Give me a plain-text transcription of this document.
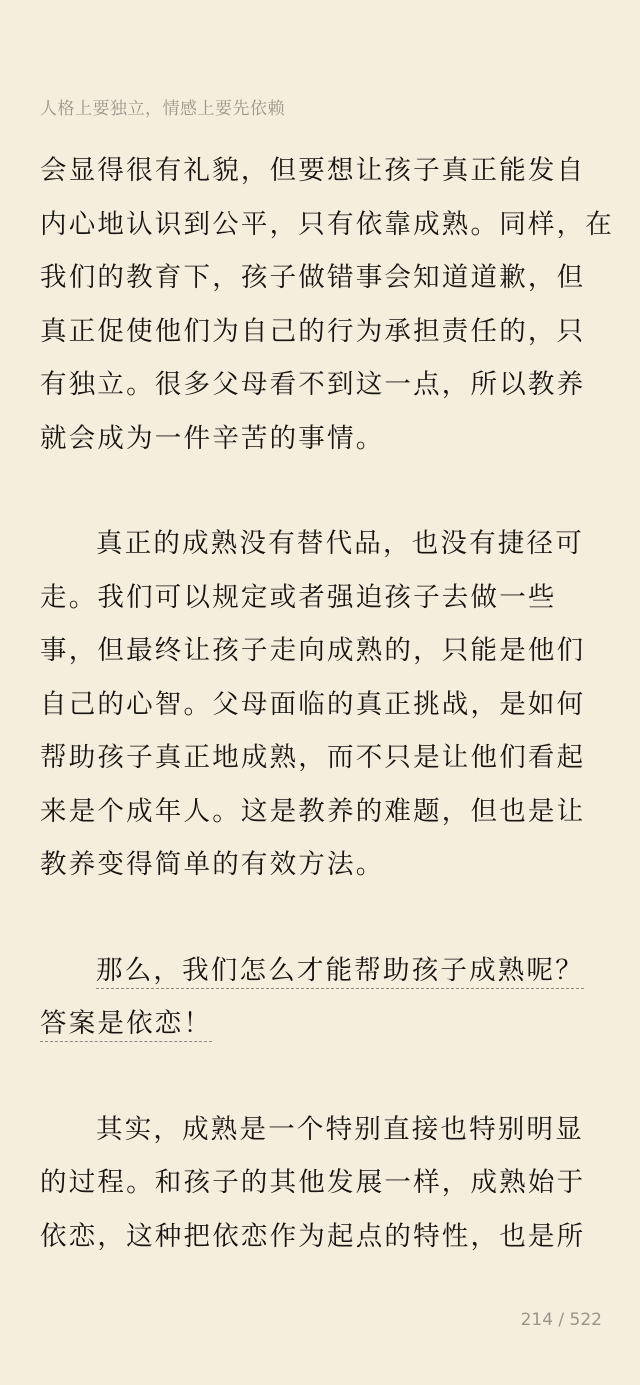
人格上要独立，情感上要先依赖
会显得很有礼貌，但要想让孩子真正能发自
内心地认识到公平，只有依靠成熟。同样，在
我们的教育下，孩子做错事会知道道歉，但
真正促使他们为自己的行为承担责任的，只
有独立。很多父母看不到这一点，所以教养
就会成为一件辛苦的事情。
真正的成熟没有替代品，也没有捷径可
走。我们可以规定或者强迫孩子去做一些
事，但最终让孩子走向成熟的，只能是他们
自己的心智。父母面临的真正挑战，是如何
帮助孩子真正地成熟，而不只是让他们看起
来是个成年人。这是教养的难题，但也是让
教养变得简单的有效方法。
那么，我们怎么才能帮助孩子成熟呢？
答案是依恋！
其实，成熟是一个特别直接也特别明显
的过程。和孩子的其他发展一样，成熟始于
依恋，这种把依恋作为起点的特性，也是所
214 / 522
